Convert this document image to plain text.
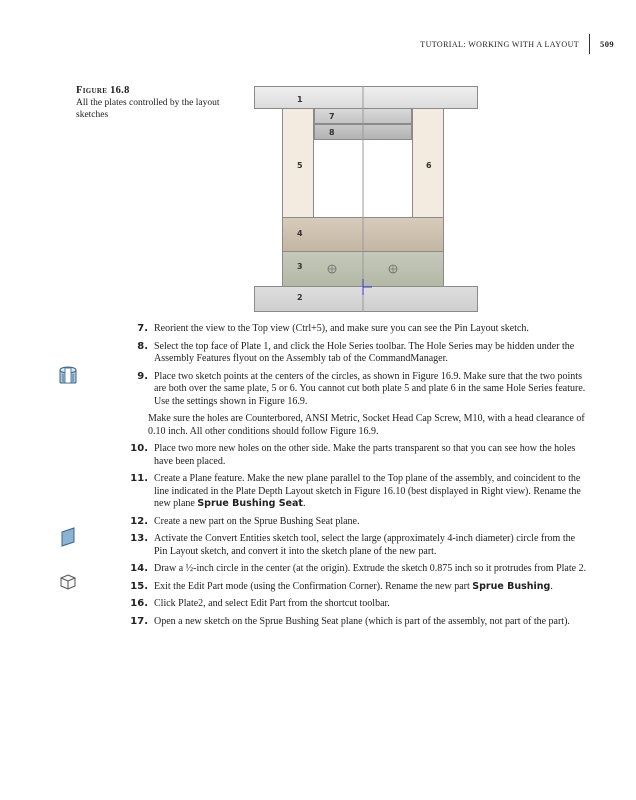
TUTORIAL: WORKING WITH A LAYOUT 509
Figure 16.8
All the plates controlled by the layout sketches
1
7
8
5	6
4
3
2
7. Reorient the view to the Top view (Ctrl+5), and make sure you can see the Pin Layout sketch.
8. Select the top face of Plate 1, and click the Hole Series toolbar. The Hole Series may be hidden under the Assembly Features flyout on the Assembly tab of the CommandManager.
9. Place two sketch points at the centers of the circles, as shown in Figure 16.9. Make sure that the two points are both over the same plate, 5 or 6. You cannot cut both plate 5 and plate 6 in the same Hole Series feature. Use the settings shown in Figure 16.9.
Make sure the holes are Counterbored, ANSI Metric, Socket Head Cap Screw, M10, with a head clearance of 0.10 inch. All other conditions should follow Figure 16.9.
10. Place two more new holes on the other side. Make the parts transparent so that you can see how the holes have been placed.
11. Create a Plane feature. Make the new plane parallel to the Top plane of the assembly, and coincident to the line indicated in the Plate Depth Layout sketch in Figure 16.10 (best displayed in Right view). Rename the new plane Sprue Bushing Seat.
12. Create a new part on the Sprue Bushing Seat plane.
13. Activate the Convert Entities sketch tool, select the large (approximately 4-inch diameter) circle from the Pin Layout sketch, and convert it into the sketch plane of the new part.
14. Draw a ½-inch circle in the center (at the origin). Extrude the sketch 0.875 inch so it protrudes from Plate 2.
15. Exit the Edit Part mode (using the Confirmation Corner). Rename the new part Sprue Bushing.
16. Click Plate2, and select Edit Part from the shortcut toolbar.
17. Open a new sketch on the Sprue Bushing Seat plane (which is part of the assembly, not part of the part).
